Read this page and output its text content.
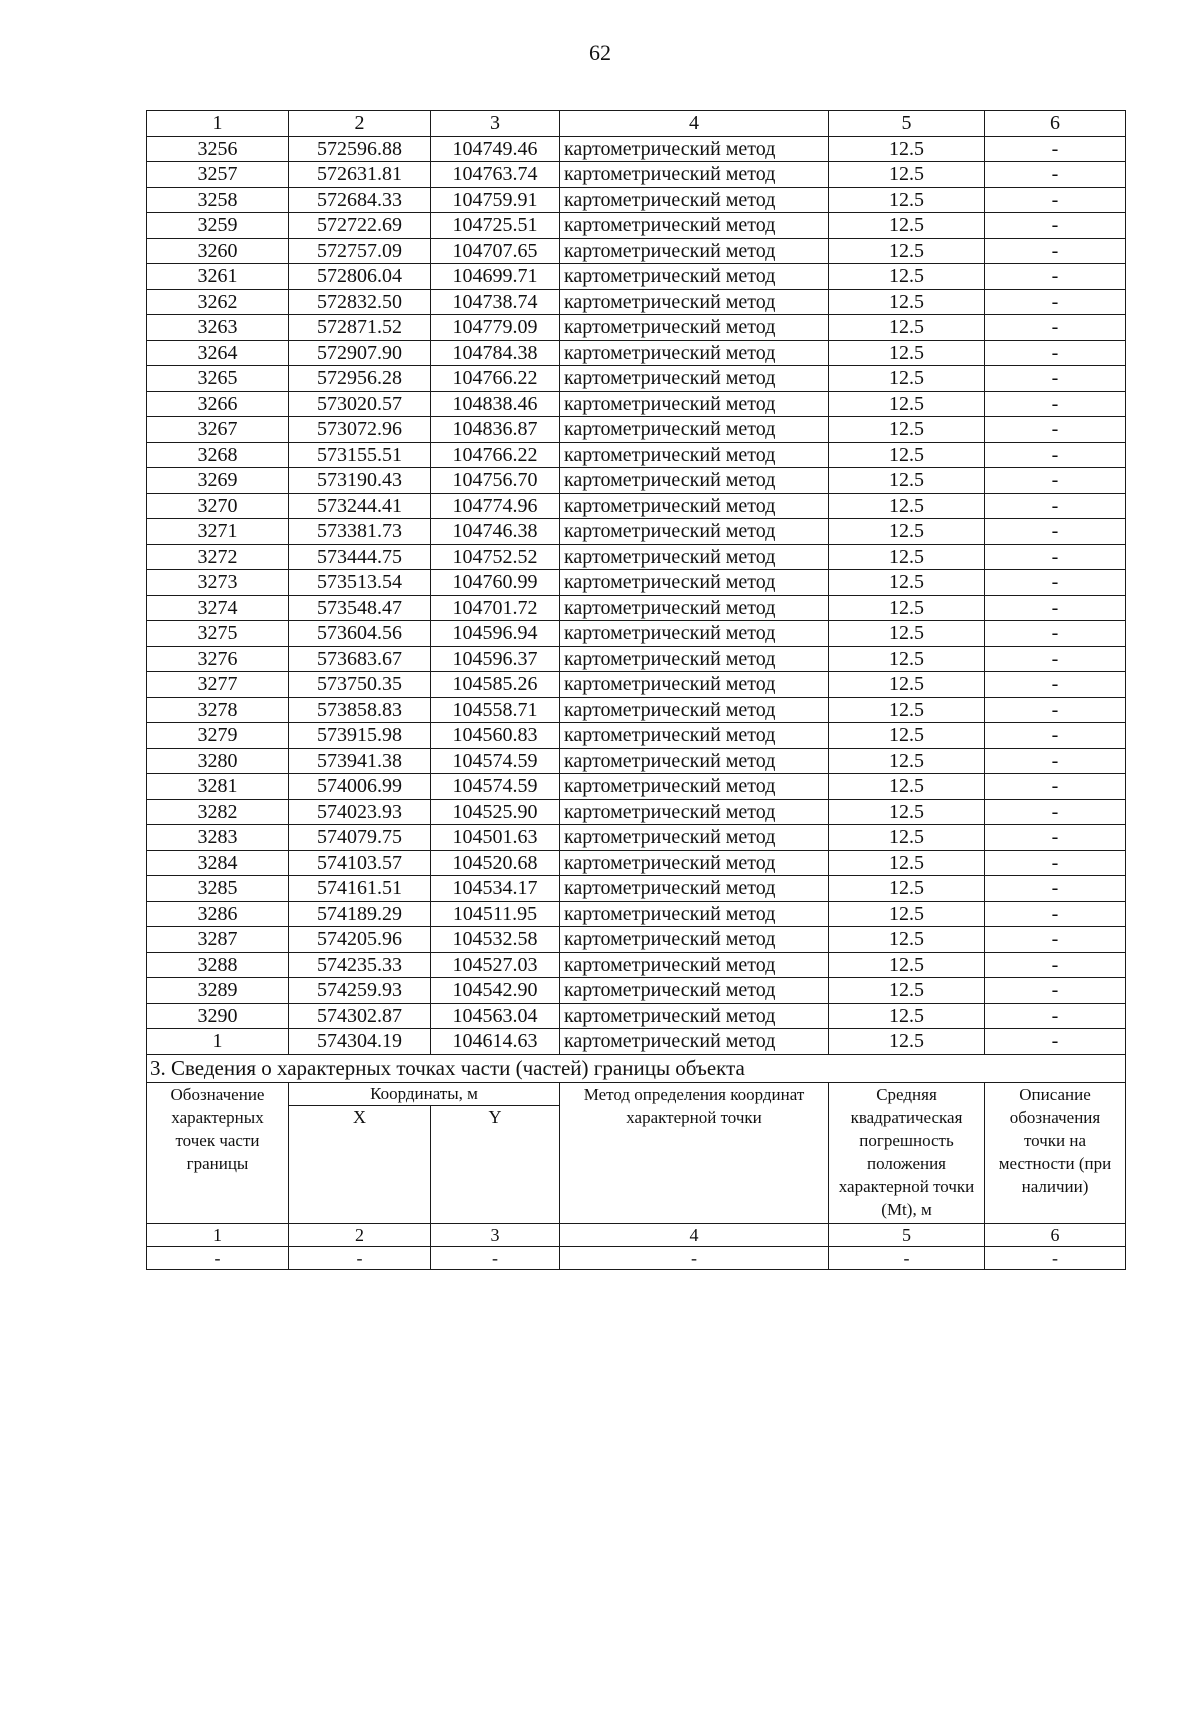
62
1	2	3	4	5	6
3256	572596.88	104749.46	картометрический метод	12.5	-
3257	572631.81	104763.74	картометрический метод	12.5	-
3258	572684.33	104759.91	картометрический метод	12.5	-
3259	572722.69	104725.51	картометрический метод	12.5	-
3260	572757.09	104707.65	картометрический метод	12.5	-
3261	572806.04	104699.71	картометрический метод	12.5	-
3262	572832.50	104738.74	картометрический метод	12.5	-
3263	572871.52	104779.09	картометрический метод	12.5	-
3264	572907.90	104784.38	картометрический метод	12.5	-
3265	572956.28	104766.22	картометрический метод	12.5	-
3266	573020.57	104838.46	картометрический метод	12.5	-
3267	573072.96	104836.87	картометрический метод	12.5	-
3268	573155.51	104766.22	картометрический метод	12.5	-
3269	573190.43	104756.70	картометрический метод	12.5	-
3270	573244.41	104774.96	картометрический метод	12.5	-
3271	573381.73	104746.38	картометрический метод	12.5	-
3272	573444.75	104752.52	картометрический метод	12.5	-
3273	573513.54	104760.99	картометрический метод	12.5	-
3274	573548.47	104701.72	картометрический метод	12.5	-
3275	573604.56	104596.94	картометрический метод	12.5	-
3276	573683.67	104596.37	картометрический метод	12.5	-
3277	573750.35	104585.26	картометрический метод	12.5	-
3278	573858.83	104558.71	картометрический метод	12.5	-
3279	573915.98	104560.83	картометрический метод	12.5	-
3280	573941.38	104574.59	картометрический метод	12.5	-
3281	574006.99	104574.59	картометрический метод	12.5	-
3282	574023.93	104525.90	картометрический метод	12.5	-
3283	574079.75	104501.63	картометрический метод	12.5	-
3284	574103.57	104520.68	картометрический метод	12.5	-
3285	574161.51	104534.17	картометрический метод	12.5	-
3286	574189.29	104511.95	картометрический метод	12.5	-
3287	574205.96	104532.58	картометрический метод	12.5	-
3288	574235.33	104527.03	картометрический метод	12.5	-
3289	574259.93	104542.90	картометрический метод	12.5	-
3290	574302.87	104563.04	картометрический метод	12.5	-
1	574304.19	104614.63	картометрический метод	12.5	-
3. Сведения о характерных точках части (частей) границы объекта					
Обозначение характерных точек части границы	Координаты, м		Метод определения координат характерной точки	Средняя квадратическая погрешность положения характерной точки (Mt), м	Описание обозначения точки на местности (при наличии)
	X	Y			
1	2	3	4	5	6
-	-	-	-	-	-
